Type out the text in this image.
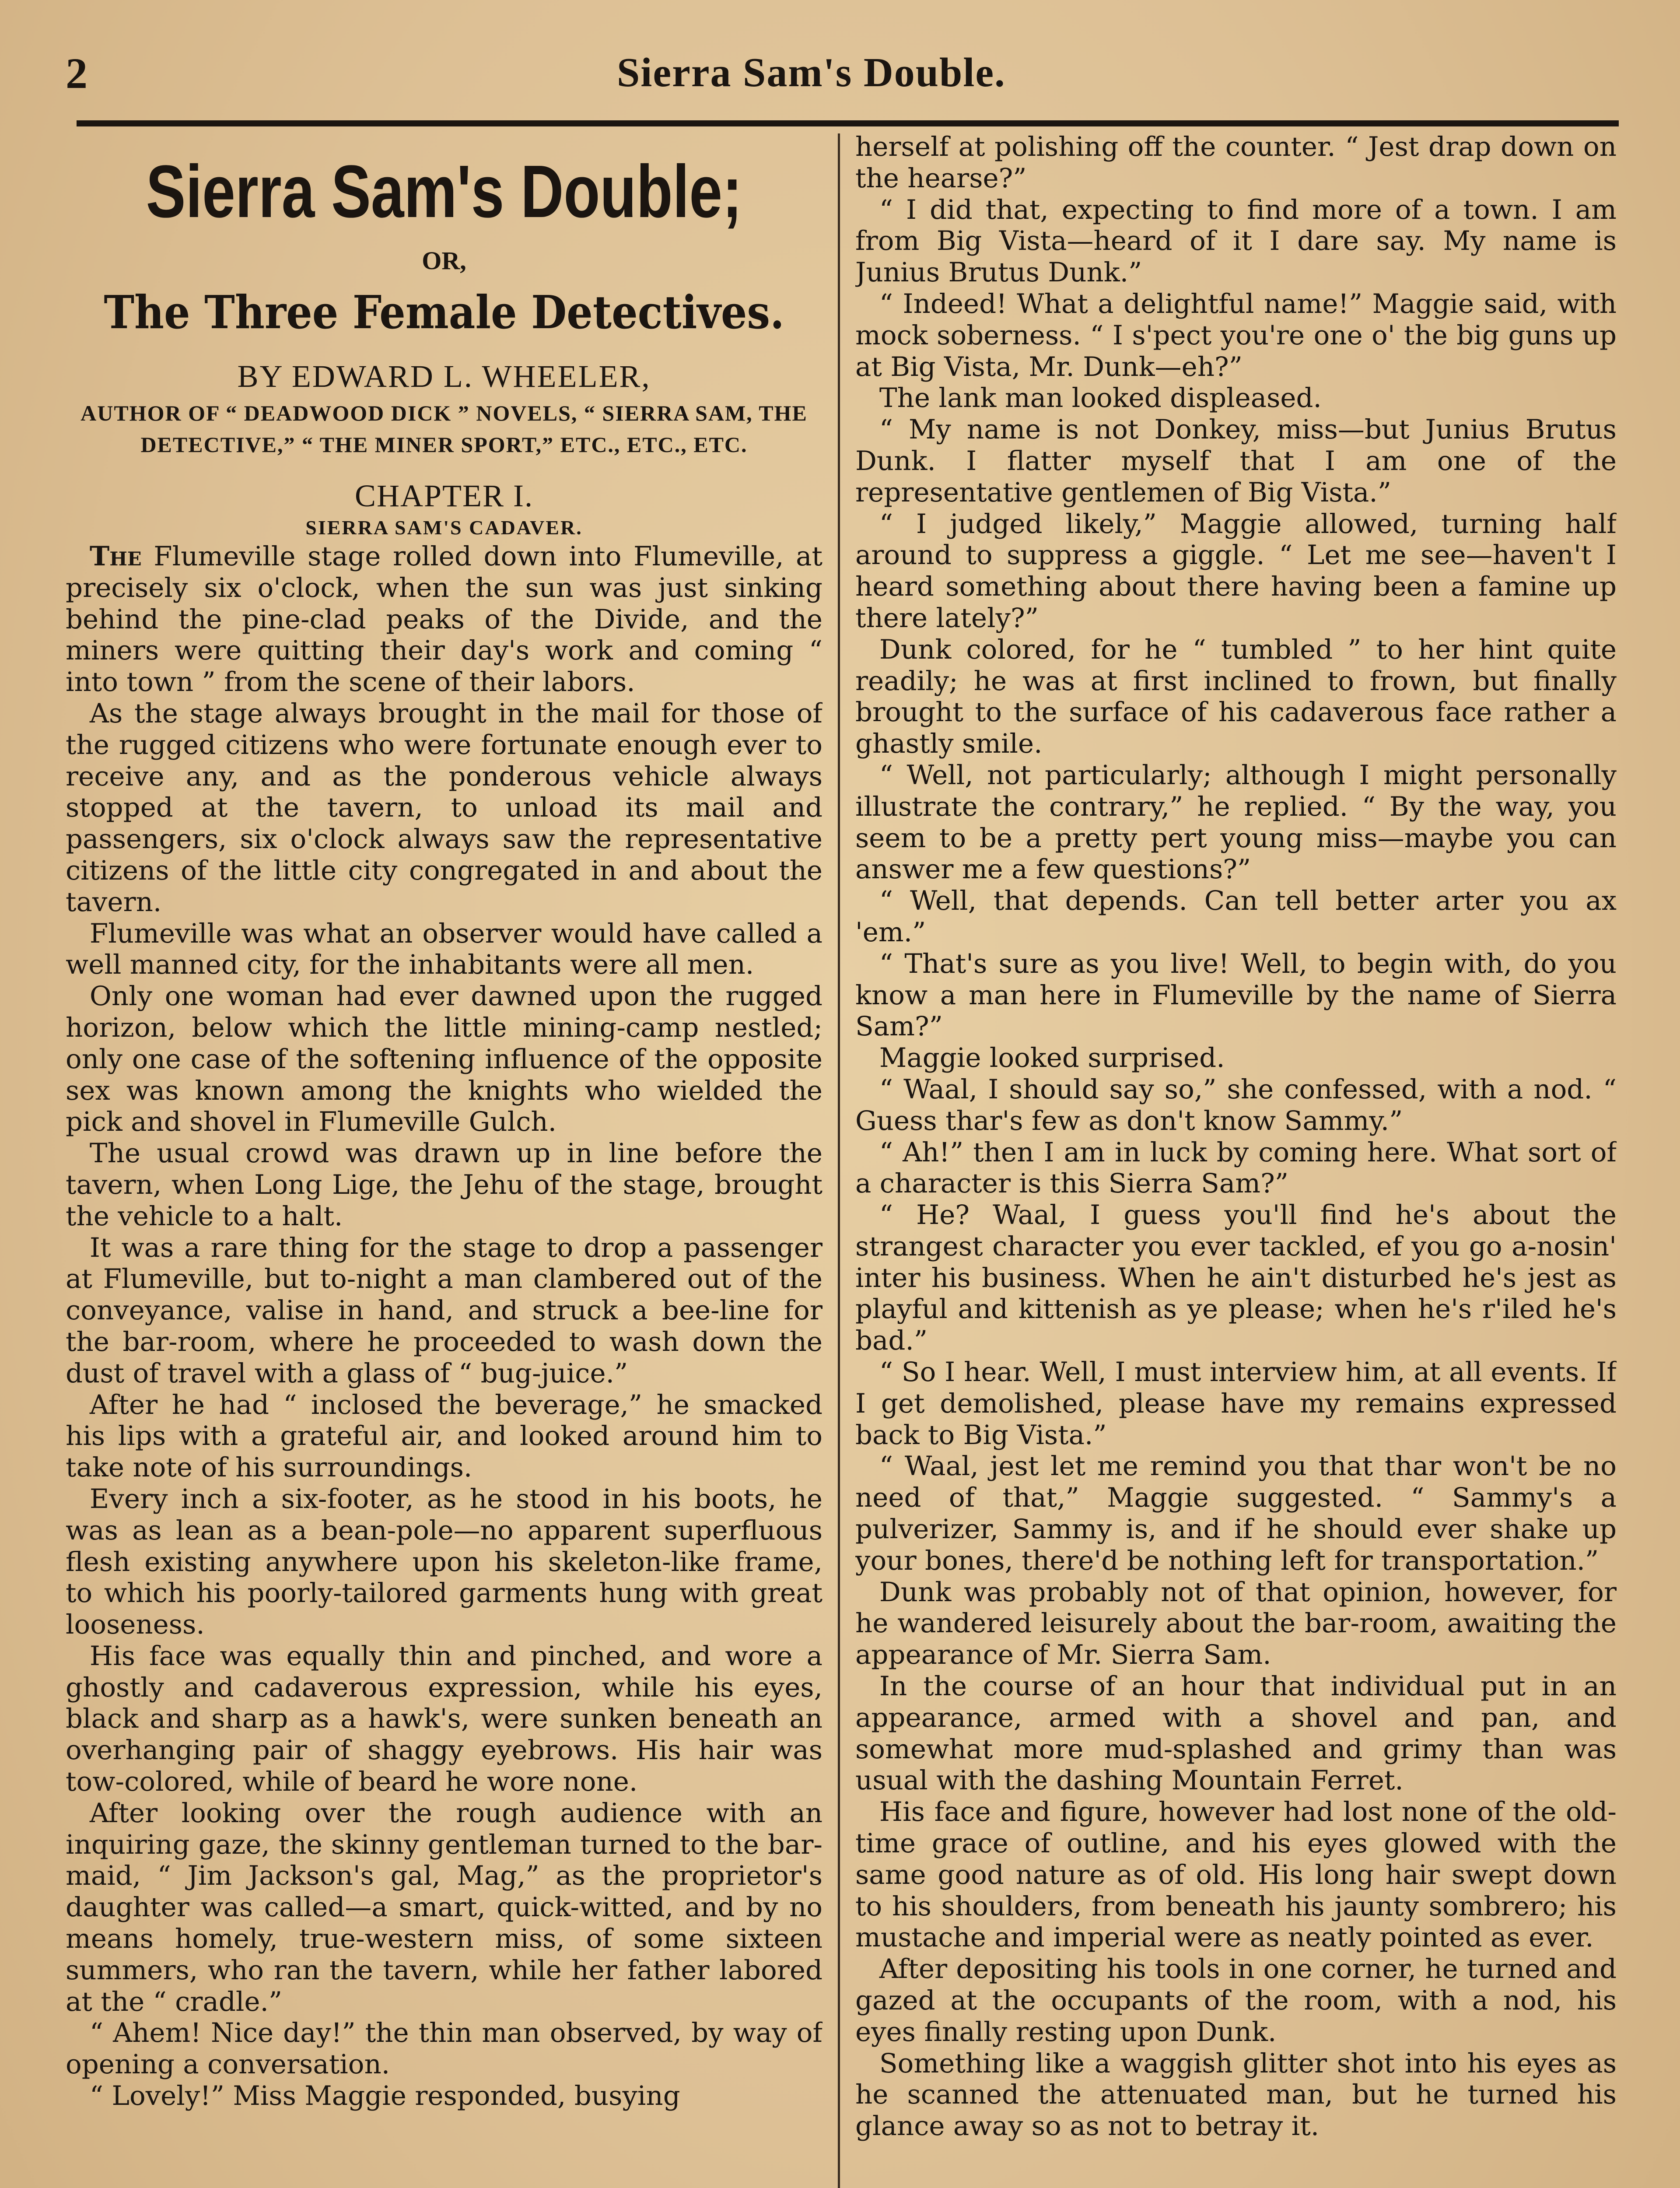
2	Sierra Sam's Double.
Sierra Sam's Double;
OR,
The Three Female Detectives.
BY EDWARD L. WHEELER,
AUTHOR OF “ DEADWOOD DICK ” NOVELS, “ SIERRA SAM, THE DETECTIVE,” “ THE MINER SPORT,” ETC., ETC., ETC.
CHAPTER I.
SIERRA SAM'S CADAVER.

The Flumeville stage rolled down into Flumeville, at precisely six o'clock, when the sun was just sinking behind the pine-clad peaks of the Divide, and the miners were quitting their day's work and coming “ into town ” from the scene of their labors.

As the stage always brought in the mail for those of the rugged citizens who were fortunate enough ever to receive any, and as the ponderous vehicle always stopped at the tavern, to unload its mail and passengers, six o'clock always saw the representative citizens of the little city congregated in and about the tavern.

Flumeville was what an observer would have called a well manned city, for the inhabitants were all men.

Only one woman had ever dawned upon the rugged horizon, below which the little mining-camp nestled; only one case of the softening influence of the opposite sex was known among the knights who wielded the pick and shovel in Flumeville Gulch.

The usual crowd was drawn up in line before the tavern, when Long Lige, the Jehu of the stage, brought the vehicle to a halt.

It was a rare thing for the stage to drop a passenger at Flumeville, but to-night a man clambered out of the conveyance, valise in hand, and struck a bee-line for the bar-room, where he proceeded to wash down the dust of travel with a glass of “ bug-juice.”

After he had “ inclosed the beverage,” he smacked his lips with a grateful air, and looked around him to take note of his surroundings.

Every inch a six-footer, as he stood in his boots, he was as lean as a bean-pole—no apparent superfluous flesh existing anywhere upon his skeleton-like frame, to which his poorly-tailored garments hung with great looseness.

His face was equally thin and pinched, and wore a ghostly and cadaverous expression, while his eyes, black and sharp as a hawk's, were sunken beneath an overhanging pair of shaggy eyebrows. His hair was tow-colored, while of beard he wore none.

After looking over the rough audience with an inquiring gaze, the skinny gentleman turned to the bar-maid, “ Jim Jackson's gal, Mag,” as the proprietor's daughter was called—a smart, quick-witted, and by no means homely, true-western miss, of some sixteen summers, who ran the tavern, while her father labored at the “ cradle.”

“ Ahem! Nice day!” the thin man observed, by way of opening a conversation.

“ Lovely!” Miss Maggie responded, busying

herself at polishing off the counter. “ Jest drap down on the hearse?”

“ I did that, expecting to find more of a town. I am from Big Vista—heard of it I dare say. My name is Junius Brutus Dunk.”

“ Indeed! What a delightful name!” Maggie said, with mock soberness. “ I s'pect you're one o' the big guns up at Big Vista, Mr. Dunk—eh?”

The lank man looked displeased.

“ My name is not Donkey, miss—but Junius Brutus Dunk. I flatter myself that I am one of the representative gentlemen of Big Vista.”

“ I judged likely,” Maggie allowed, turning half around to suppress a giggle. “ Let me see—haven't I heard something about there having been a famine up there lately?”

Dunk colored, for he “ tumbled ” to her hint quite readily; he was at first inclined to frown, but finally brought to the surface of his cadaverous face rather a ghastly smile.

“ Well, not particularly; although I might personally illustrate the contrary,” he replied. “ By the way, you seem to be a pretty pert young miss—maybe you can answer me a few questions?”

“ Well, that depends. Can tell better arter you ax 'em.”

“ That's sure as you live! Well, to begin with, do you know a man here in Flumeville by the name of Sierra Sam?”

Maggie looked surprised.

“ Waal, I should say so,” she confessed, with a nod. “ Guess thar's few as don't know Sammy.”

“ Ah!” then I am in luck by coming here. What sort of a character is this Sierra Sam?”

“ He? Waal, I guess you'll find he's about the strangest character you ever tackled, ef you go a-nosin' inter his business. When he ain't disturbed he's jest as playful and kittenish as ye please; when he's r'iled he's bad.”

“ So I hear. Well, I must interview him, at all events. If I get demolished, please have my remains expressed back to Big Vista.”

“ Waal, jest let me remind you that thar won't be no need of that,” Maggie suggested. “ Sammy's a pulverizer, Sammy is, and if he should ever shake up your bones, there'd be nothing left for transportation.”

Dunk was probably not of that opinion, however, for he wandered leisurely about the bar-room, awaiting the appearance of Mr. Sierra Sam.

In the course of an hour that individual put in an appearance, armed with a shovel and pan, and somewhat more mud-splashed and grimy than was usual with the dashing Mountain Ferret.

His face and figure, however had lost none of the old-time grace of outline, and his eyes glowed with the same good nature as of old. His long hair swept down to his shoulders, from beneath his jaunty sombrero; his mustache and imperial were as neatly pointed as ever.

After depositing his tools in one corner, he turned and gazed at the occupants of the room, with a nod, his eyes finally resting upon Dunk.

Something like a waggish glitter shot into his eyes as he scanned the attenuated man, but he turned his glance away so as not to betray it.
